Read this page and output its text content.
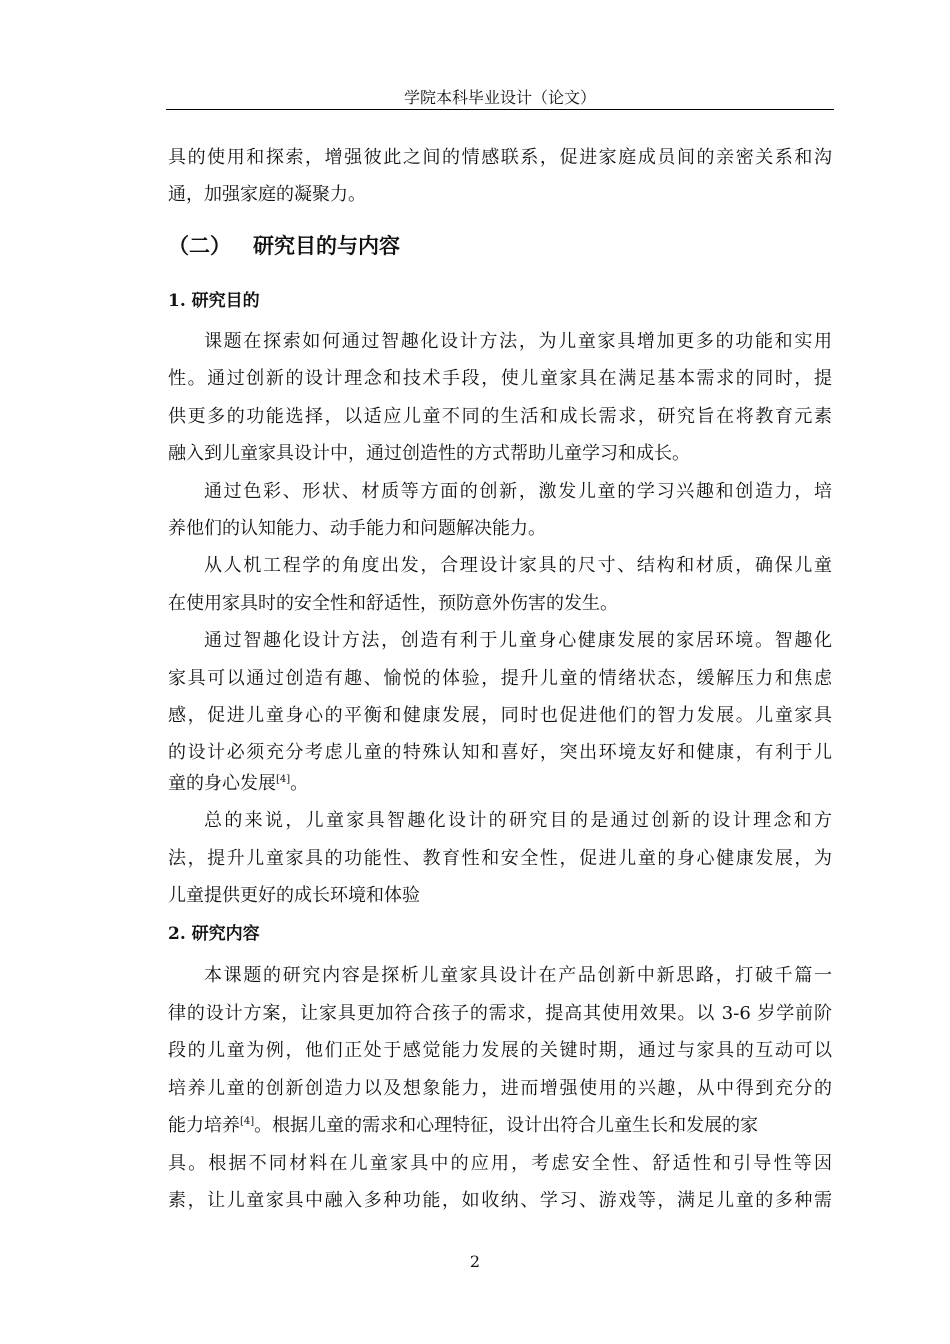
学院本科毕业设计（论文）
具的使用和探索，增强彼此之间的情感联系，促进家庭成员间的亲密关系和沟
通，加强家庭的凝聚力。
（二） 研究目的与内容
1. 研究目的
课题在探索如何通过智趣化设计方法，为儿童家具增加更多的功能和实用
性。通过创新的设计理念和技术手段，使儿童家具在满足基本需求的同时，提
供更多的功能选择，以适应儿童不同的生活和成长需求，研究旨在将教育元素
融入到儿童家具设计中，通过创造性的方式帮助儿童学习和成长。
通过色彩、形状、材质等方面的创新，激发儿童的学习兴趣和创造力，培
养他们的认知能力、动手能力和问题解决能力。
从人机工程学的角度出发，合理设计家具的尺寸、结构和材质，确保儿童
在使用家具时的安全性和舒适性，预防意外伤害的发生。
通过智趣化设计方法，创造有利于儿童身心健康发展的家居环境。智趣化
家具可以通过创造有趣、愉悦的体验，提升儿童的情绪状态，缓解压力和焦虑
感，促进儿童身心的平衡和健康发展，同时也促进他们的智力发展。儿童家具
的设计必须充分考虑儿童的特殊认知和喜好，突出环境友好和健康，有利于儿
童的身心发展[4]。
总的来说，儿童家具智趣化设计的研究目的是通过创新的设计理念和方
法，提升儿童家具的功能性、教育性和安全性，促进儿童的身心健康发展，为
儿童提供更好的成长环境和体验
2. 研究内容
本课题的研究内容是探析儿童家具设计在产品创新中新思路，打破千篇一
律的设计方案，让家具更加符合孩子的需求，提高其使用效果。以 3-6 岁学前阶
段的儿童为例，他们正处于感觉能力发展的关键时期，通过与家具的互动可以
培养儿童的创新创造力以及想象能力，进而增强使用的兴趣，从中得到充分的
能力培养[4]。根据儿童的需求和心理特征，设计出符合儿童生长和发展的家
具。根据不同材料在儿童家具中的应用，考虑安全性、舒适性和引导性等因
素，让儿童家具中融入多种功能，如收纳、学习、游戏等，满足儿童的多种需
2
